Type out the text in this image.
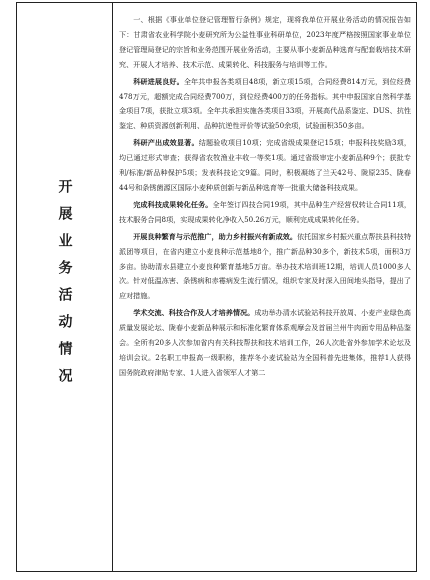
开展业务活动情况

一、根据《事业单位登记管理暂行条例》规定，现将我单位开展业务活动的情况报告如下：甘肃省农业科学院小麦研究所为公益性事业科研单位，2023年度严格按照国家事业单位登记管理局登记的宗旨和业务范围开展业务活动，主要从事小麦新品种选育与配套栽培技术研究、开展人才培养、技术示范、成果转化、科技服务与培训等工作。

科研进展良好。全年共申报各类项目48项，新立项15项，合同经费814万元，到位经费478万元，超额完成合同经费700万，到位经费400万的任务指标。其中申报国家自然科学基金项目7项，获批立项3项。全年共承担实施各类项目33项，开展高代品系鉴定、DUS、抗性鉴定、种质资源创新利用、品种抗逆性评价等试验50余项，试验面积350多亩。

科研产出成效显著。结题验收项目10项；完成省级成果登记15项；申报科技奖励3项，均已通过形式审查；获得省农牧渔业丰收一等奖1项。通过省级审定小麦新品种9个；获批专利/标准/新品种保护5项；发表科技论文9篇。同时，积极凝练了兰天42号、陇原235、陇春44号和条锈菌源区国际小麦种质创新与新品种选育等一批重大储备科技成果。

完成科技成果转化任务。全年签订四技合同19项，其中品种生产经营权转让合同11项，技术服务合同8项，实现成果转化净收入50.26万元，顺利完成成果转化任务。

开展良种繁育与示范推广，助力乡村振兴有新成效。依托国家乡村振兴重点帮扶县科技特派团等项目，在省内建立小麦良种示范基地8个，推广新品种30多个，新技术5项，面积3万多亩。协助清水县建立小麦良种繁育基地5万亩。举办技术培训班12期，培训人员1000多人次。针对低温冻害、条锈病和赤霉病发生流行情况，组织专家及时深入田间地头指导，提出了应对措施。

学术交流、科技合作及人才培养情况。成功举办清水试验站科技开放周、小麦产业绿色高质量发展论坛、陇春小麦新品种展示和标准化繁育体系观摩会及首届兰州牛肉面专用品种品鉴会。全所有20多人次参加省内有关科技帮扶和技术培训工作，26人次赴省外参加学术论坛及培训会议。2名职工申报高一级职称，推荐冬小麦试验站为全国科普先进集体，推荐1人获得国务院政府津贴专家、1人进入省领军人才第二
